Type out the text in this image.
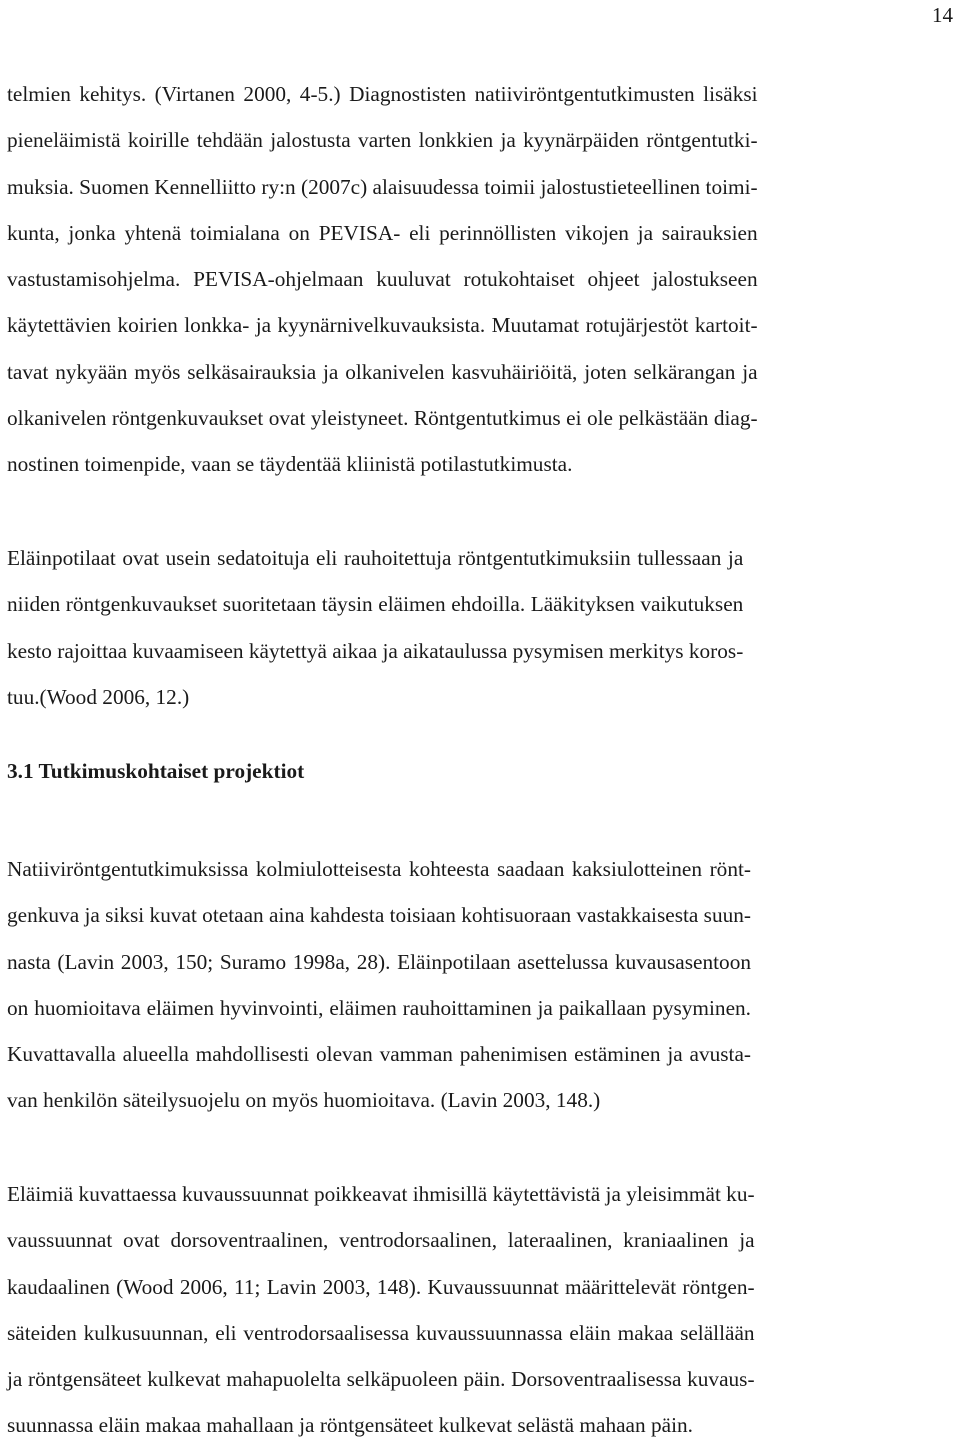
14
telmien kehitys. (Virtanen 2000, 4-5.) Diagnostisten natiiviröntgentutkimusten lisäksi
pieneläimistä koirille tehdään jalostusta varten lonkkien ja kyynärpäiden röntgentutki-
muksia. Suomen Kennelliitto ry:n (2007c) alaisuudessa toimii jalostustieteellinen toimi-
kunta, jonka yhtenä toimialana on PEVISA- eli perinnöllisten vikojen ja sairauksien
vastustamisohjelma. PEVISA-ohjelmaan kuuluvat rotukohtaiset ohjeet jalostukseen
käytettävien koirien lonkka- ja kyynärnivelkuvauksista. Muutamat rotujärjestöt kartoit-
tavat nykyään myös selkäsairauksia ja olkanivelen kasvuhäiriöitä, joten selkärangan ja
olkanivelen röntgenkuvaukset ovat yleistyneet. Röntgentutkimus ei ole pelkästään diag-
nostinen toimenpide, vaan se täydentää kliinistä potilastutkimusta.
Eläinpotilaat ovat usein sedatoituja eli rauhoitettuja röntgentutkimuksiin tullessaan ja
niiden röntgenkuvaukset suoritetaan täysin eläimen ehdoilla. Lääkityksen vaikutuksen
kesto rajoittaa kuvaamiseen käytettyä aikaa ja aikataulussa pysymisen merkitys koros-
tuu.(Wood 2006, 12.)
3.1 Tutkimuskohtaiset projektiot
Natiiviröntgentutkimuksissa kolmiulotteisesta kohteesta saadaan kaksiulotteinen rönt-
genkuva ja siksi kuvat otetaan aina kahdesta toisiaan kohtisuoraan vastakkaisesta suun-
nasta (Lavin 2003, 150; Suramo 1998a, 28). Eläinpotilaan asettelussa kuvausasentoon
on huomioitava eläimen hyvinvointi, eläimen rauhoittaminen ja paikallaan pysyminen.
Kuvattavalla alueella mahdollisesti olevan vamman pahenimisen estäminen ja avusta-
van henkilön säteilysuojelu on myös huomioitava. (Lavin 2003, 148.)
Eläimiä kuvattaessa kuvaussuunnat poikkeavat ihmisillä käytettävistä ja yleisimmät ku-
vaussuunnat ovat dorsoventraalinen, ventrodorsaalinen, lateraalinen, kraniaalinen ja
kaudaalinen (Wood 2006, 11; Lavin 2003, 148). Kuvaussuunnat määrittelevät röntgen-
säteiden kulkusuunnan, eli ventrodorsaalisessa kuvaussuunnassa eläin makaa selällään
ja röntgensäteet kulkevat mahapuolelta selkäpuoleen päin. Dorsoventraalisessa kuvaus-
suunnassa eläin makaa mahallaan ja röntgensäteet kulkevat selästä mahaan päin.
